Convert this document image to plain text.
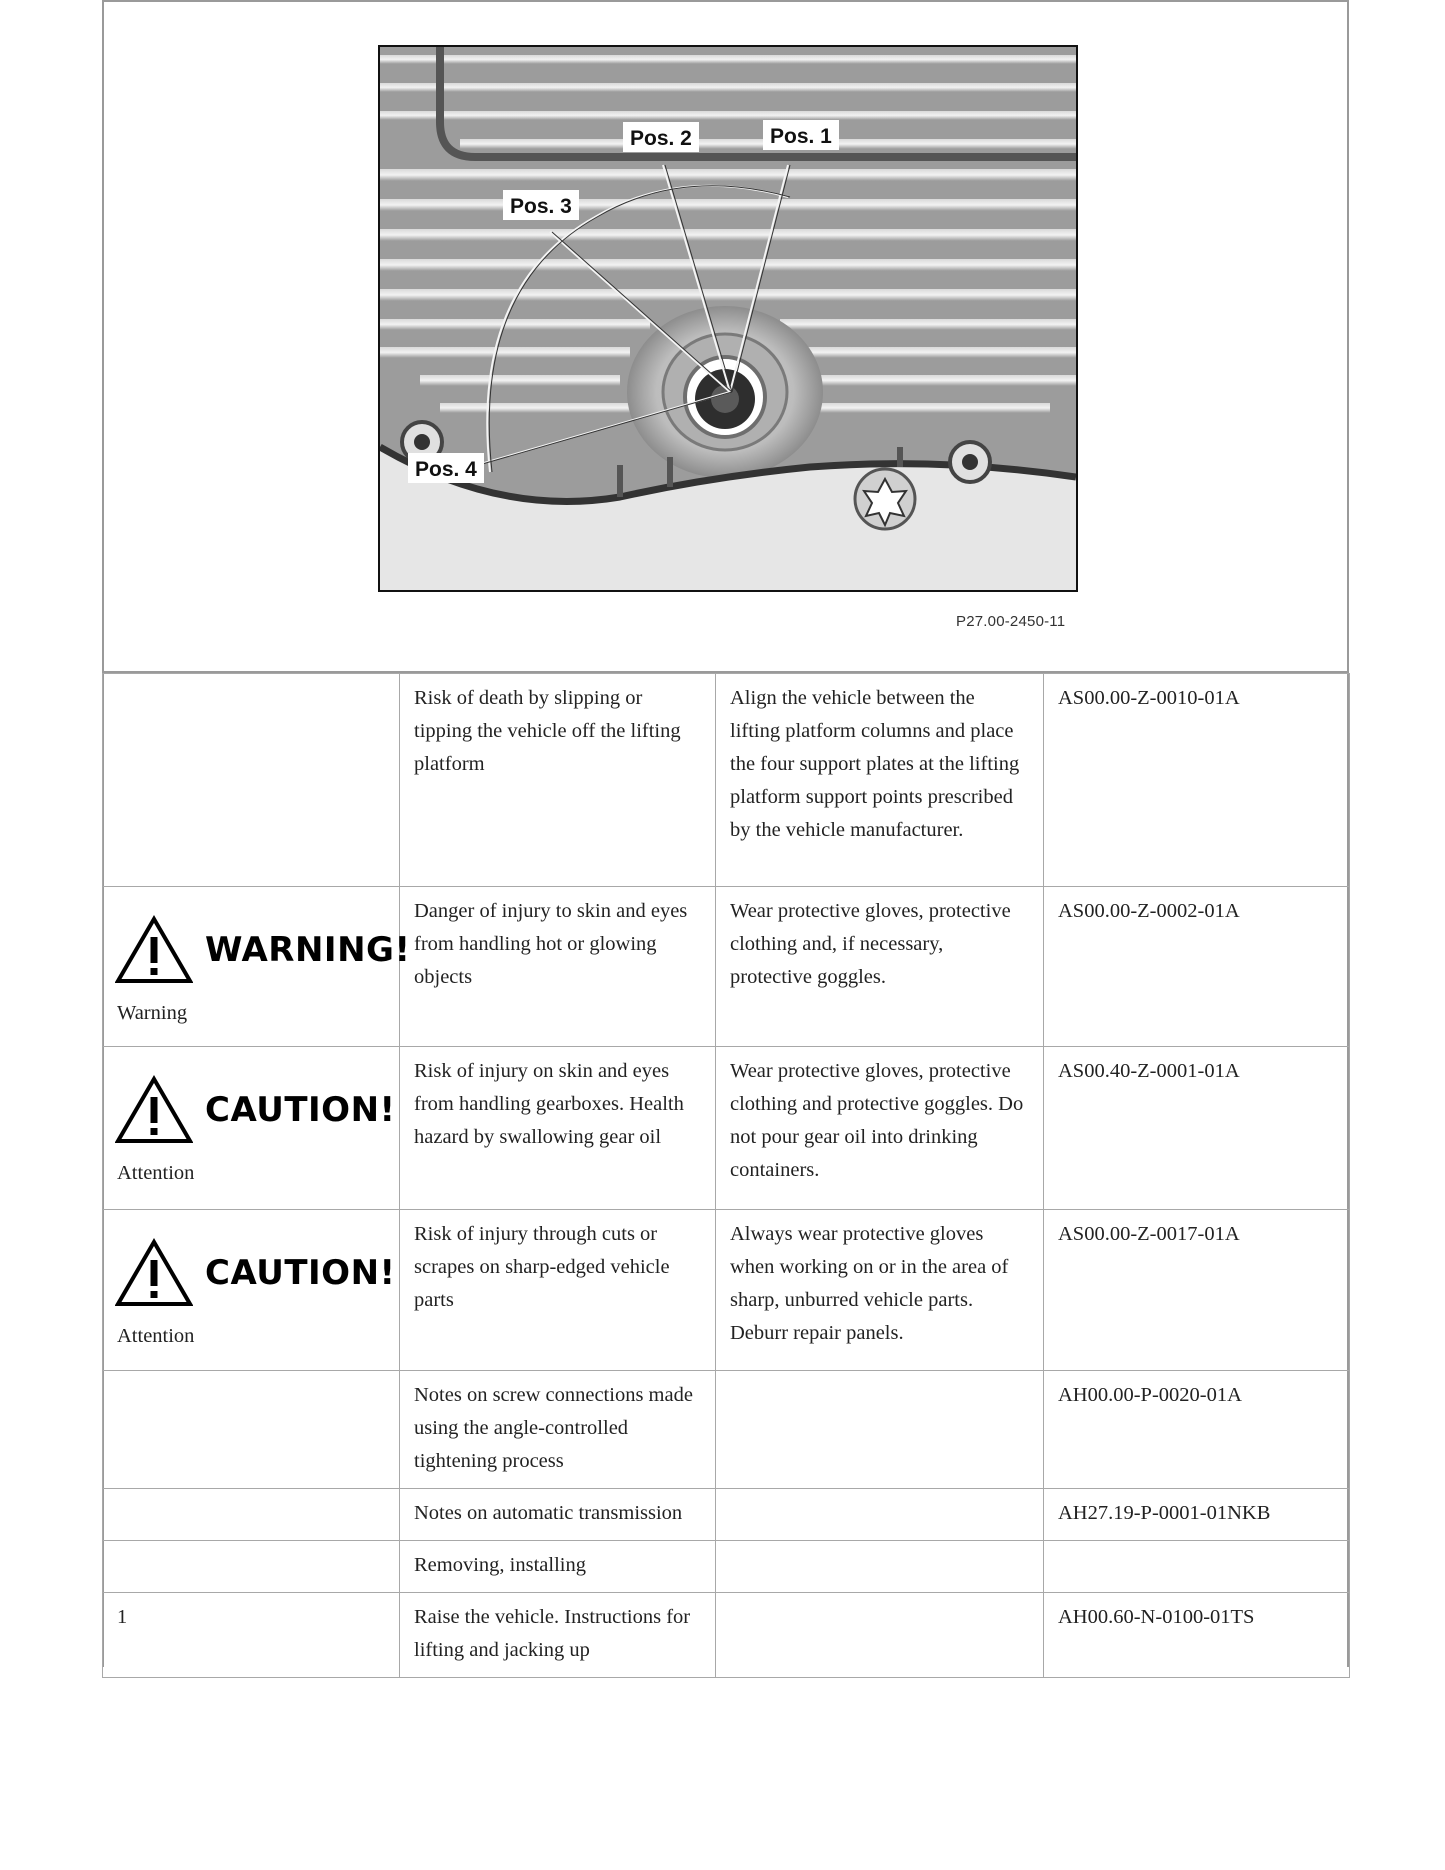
Pos. 1
Pos. 2
Pos. 3
Pos. 4
P27.00-2450-11
	Risk of death by slipping or tipping the vehicle off the lifting platform	Align the vehicle between the lifting platform columns and place the four support plates at the lifting platform support points prescribed by the vehicle manufacturer.	AS00.00-Z-0010-01A

WARNING!
Warning	Danger of injury to skin and eyes from handling hot or glowing objects	Wear protective gloves, protective clothing and, if necessary, protective goggles.	AS00.00-Z-0002-01A

CAUTION!
Attention	Risk of injury on skin and eyes from handling gearboxes. Health hazard by swallowing gear oil	Wear protective gloves, protective clothing and protective goggles. Do not pour gear oil into drinking containers.	AS00.40-Z-0001-01A

CAUTION!
Attention	Risk of injury through cuts or scrapes on sharp-edged vehicle parts	Always wear protective gloves when working on or in the area of sharp, unburred vehicle parts. Deburr repair panels.	AS00.00-Z-0017-01A
	Notes on screw connections made using the angle-controlled tightening process		AH00.00-P-0020-01A
	Notes on automatic transmission		AH27.19-P-0001-01NKB
	Removing, installing		
1	Raise the vehicle. Instructions for lifting and jacking up		AH00.60-N-0100-01TS
